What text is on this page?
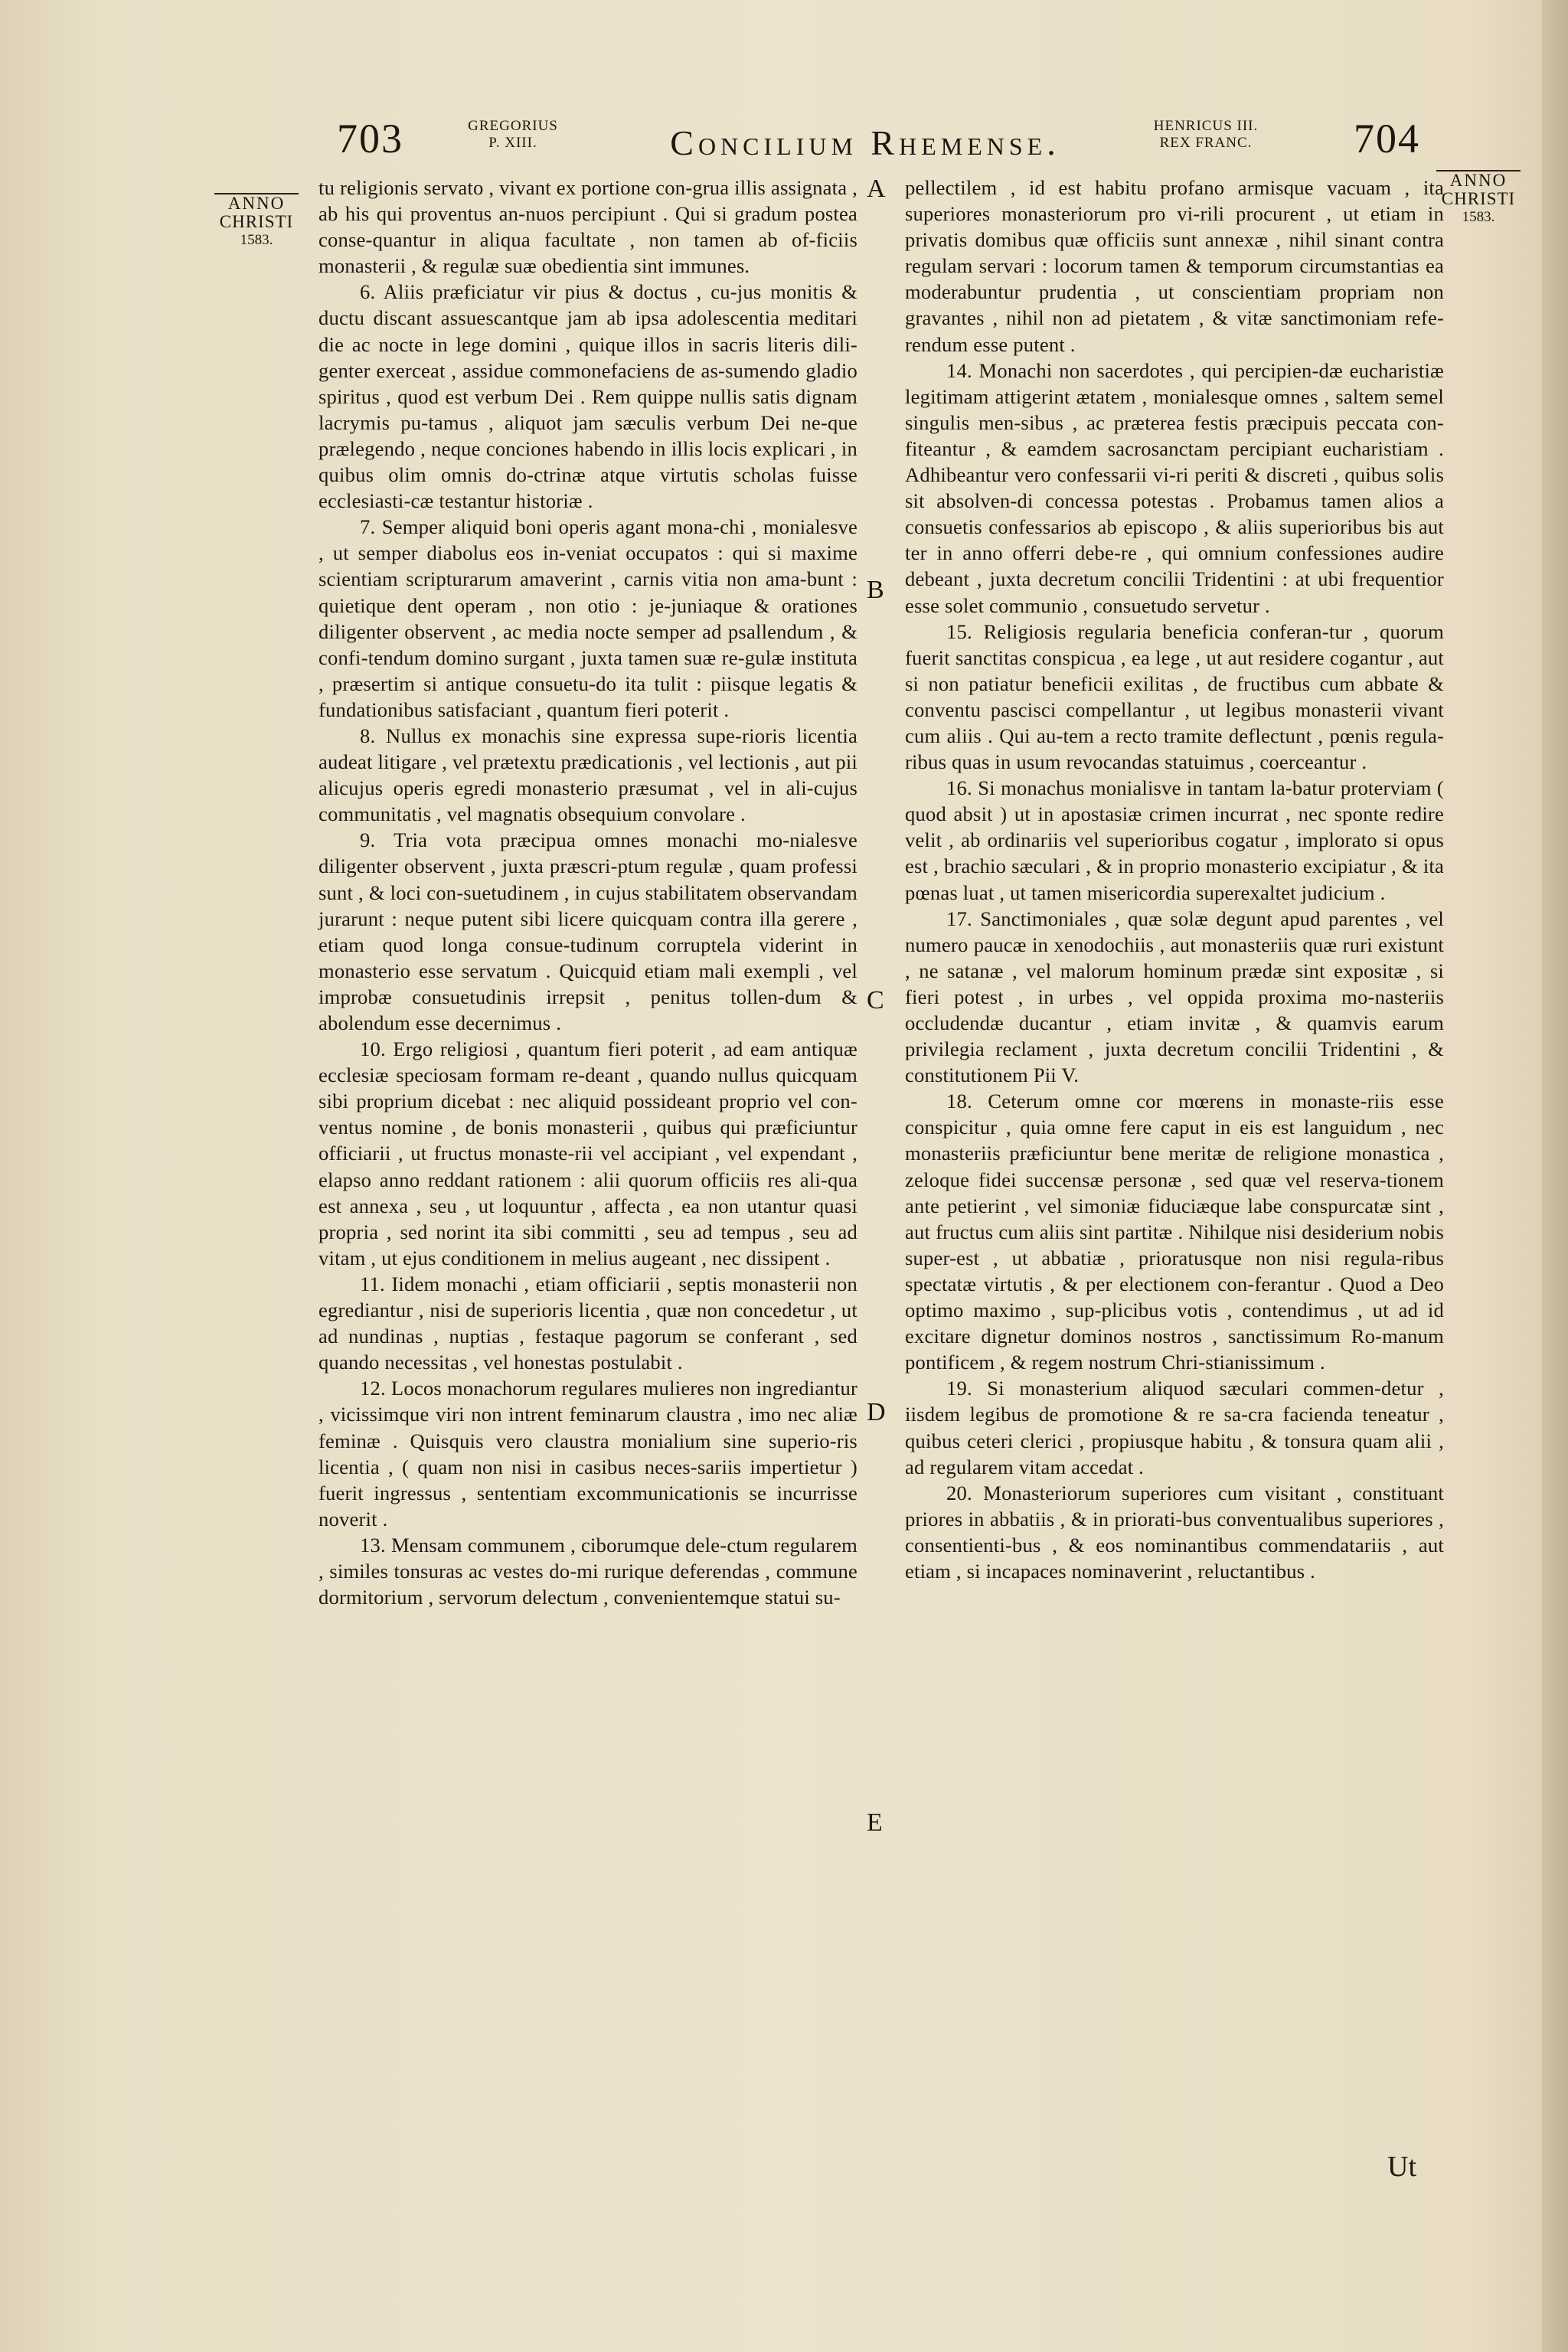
703	GREGORIUS
P. XIII.	Concilium Rhemense.	HENRICUS III.
REX FRANC.	704
ANNO
CHRISTI
1583.
ANNO
CHRISTI
1583.

tu religionis servato , vivant ex portione con-grua illis assignata , ab his qui proventus an-nuos percipiunt . Qui si gradum postea conse-quantur in aliqua facultate , non tamen ab of-ficiis monasterii , & regulæ suæ obedientia sint immunes.

6. Aliis præficiatur vir pius & doctus , cu-jus monitis & ductu discant assuescantque jam ab ipsa adolescentia meditari die ac nocte in lege domini , quique illos in sacris literis dili-genter exerceat , assidue commonefaciens de as-sumendo gladio spiritus , quod est verbum Dei . Rem quippe nullis satis dignam lacrymis pu-tamus , aliquot jam sæculis verbum Dei ne-que prælegendo , neque conciones habendo in illis locis explicari , in quibus olim omnis do-ctrinæ atque virtutis scholas fuisse ecclesiasti-cæ testantur historiæ .

7. Semper aliquid boni operis agant mona-chi , monialesve , ut semper diabolus eos in-veniat occupatos : qui si maxime scientiam scripturarum amaverint , carnis vitia non ama-bunt : quietique dent operam , non otio : je-juniaque & orationes diligenter observent , ac media nocte semper ad psallendum , & confi-tendum domino surgant , juxta tamen suæ re-gulæ instituta , præsertim si antique consuetu-do ita tulit : piisque legatis & fundationibus satisfaciant , quantum fieri poterit .

8. Nullus ex monachis sine expressa supe-rioris licentia audeat litigare , vel prætextu prædicationis , vel lectionis , aut pii alicujus operis egredi monasterio præsumat , vel in ali-cujus communitatis , vel magnatis obsequium convolare .

9. Tria vota præcipua omnes monachi mo-nialesve diligenter observent , juxta præscri-ptum regulæ , quam professi sunt , & loci con-suetudinem , in cujus stabilitatem observandam jurarunt : neque putent sibi licere quicquam contra illa gerere , etiam quod longa consue-tudinum corruptela viderint in monasterio esse servatum . Quicquid etiam mali exempli , vel improbæ consuetudinis irrepsit , penitus tollen-dum & abolendum esse decernimus .

10. Ergo religiosi , quantum fieri poterit , ad eam antiquæ ecclesiæ speciosam formam re-deant , quando nullus quicquam sibi proprium dicebat : nec aliquid possideant proprio vel con-ventus nomine , de bonis monasterii , quibus qui præficiuntur officiarii , ut fructus monaste-rii vel accipiant , vel expendant , elapso anno reddant rationem : alii quorum officiis res ali-qua est annexa , seu , ut loquuntur , affecta , ea non utantur quasi propria , sed norint ita sibi committi , seu ad tempus , seu ad vitam , ut ejus conditionem in melius augeant , nec dissipent .

11. Iidem monachi , etiam officiarii , septis monasterii non egrediantur , nisi de superioris licentia , quæ non concedetur , ut ad nundinas , nuptias , festaque pagorum se conferant , sed quando necessitas , vel honestas postulabit .

12. Locos monachorum regulares mulieres non ingrediantur , vicissimque viri non intrent feminarum claustra , imo nec aliæ feminæ . Quisquis vero claustra monialium sine superio-ris licentia , ( quam non nisi in casibus neces-sariis impertietur ) fuerit ingressus , sententiam excommunicationis se incurrisse noverit .

13. Mensam communem , ciborumque dele-ctum regularem , similes tonsuras ac vestes do-mi rurique deferendas , commune dormitorium , servorum delectum , convenientemque statui su-

A
B
C
D
E

pellectilem , id est habitu profano armisque vacuam , ita superiores monasteriorum pro vi-rili procurent , ut etiam in privatis domibus quæ officiis sunt annexæ , nihil sinant contra regulam servari : locorum tamen & temporum circumstantias ea moderabuntur prudentia , ut conscientiam propriam non gravantes , nihil non ad pietatem , & vitæ sanctimoniam refe-rendum esse putent .

14. Monachi non sacerdotes , qui percipien-dæ eucharistiæ legitimam attigerint ætatem , monialesque omnes , saltem semel singulis men-sibus , ac præterea festis præcipuis peccata con-fiteantur , & eamdem sacrosanctam percipiant eucharistiam . Adhibeantur vero confessarii vi-ri periti & discreti , quibus solis sit absolven-di concessa potestas . Probamus tamen alios a consuetis confessarios ab episcopo , & aliis superioribus bis aut ter in anno offerri debe-re , qui omnium confessiones audire debeant , juxta decretum concilii Tridentini : at ubi frequentior esse solet communio , consuetudo servetur .

15. Religiosis regularia beneficia conferan-tur , quorum fuerit sanctitas conspicua , ea lege , ut aut residere cogantur , aut si non patiatur beneficii exilitas , de fructibus cum abbate & conventu pascisci compellantur , ut legibus monasterii vivant cum aliis . Qui au-tem a recto tramite deflectunt , pœnis regula-ribus quas in usum revocandas statuimus , coerceantur .

16. Si monachus monialisve in tantam la-batur proterviam ( quod absit ) ut in apostasiæ crimen incurrat , nec sponte redire velit , ab ordinariis vel superioribus cogatur , implorato si opus est , brachio sæculari , & in proprio monasterio excipiatur , & ita pœnas luat , ut tamen misericordia superexaltet judicium .

17. Sanctimoniales , quæ solæ degunt apud parentes , vel numero paucæ in xenodochiis , aut monasteriis quæ ruri existunt , ne satanæ , vel malorum hominum prædæ sint expositæ , si fieri potest , in urbes , vel oppida proxima mo-nasteriis occludendæ ducantur , etiam invitæ , & quamvis earum privilegia reclament , juxta decretum concilii Tridentini , & constitutionem Pii V.

18. Ceterum omne cor mœrens in monaste-riis esse conspicitur , quia omne fere caput in eis est languidum , nec monasteriis præficiuntur bene meritæ de religione monastica , zeloque fidei succensæ personæ , sed quæ vel reserva-tionem ante petierint , vel simoniæ fiduciæque labe conspurcatæ sint , aut fructus cum aliis sint partitæ . Nihilque nisi desiderium nobis super-est , ut abbatiæ , prioratusque non nisi regula-ribus spectatæ virtutis , & per electionem con-ferantur . Quod a Deo optimo maximo , sup-plicibus votis , contendimus , ut ad id excitare dignetur dominos nostros , sanctissimum Ro-manum pontificem , & regem nostrum Chri-stianissimum .

19. Si monasterium aliquod sæculari commen-detur , iisdem legibus de promotione & re sa-cra facienda teneatur , quibus ceteri clerici , propiusque habitu , & tonsura quam alii , ad regularem vitam accedat .

20. Monasteriorum superiores cum visitant , constituant priores in abbatiis , & in priorati-bus conventualibus superiores , consentienti-bus , & eos nominantibus commendatariis , aut etiam , si incapaces nominaverint , reluctantibus .

Ut
